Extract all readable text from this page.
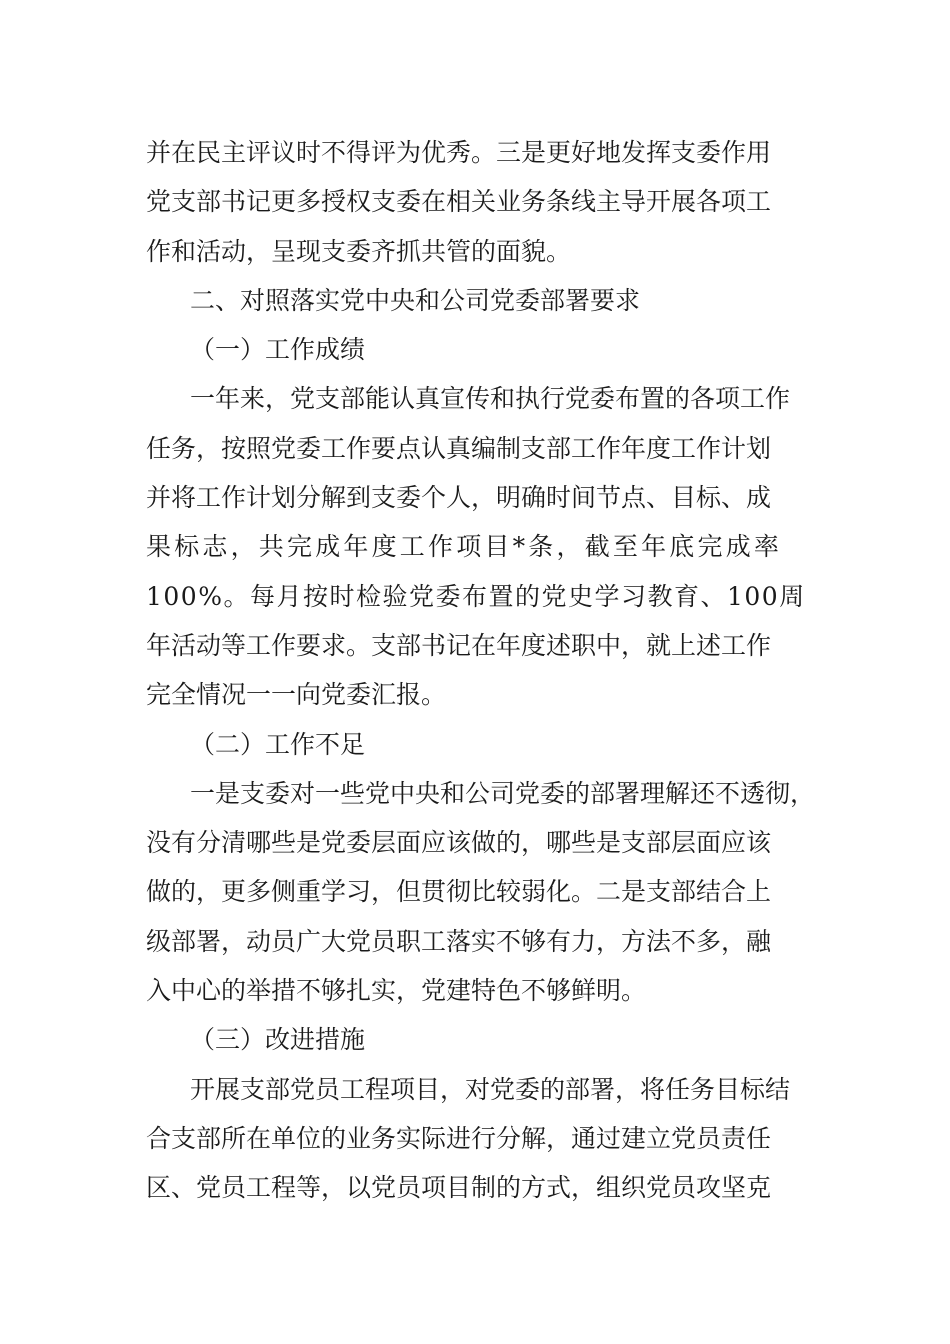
并在民主评议时不得评为优秀。三是更好地发挥支委作用
党支部书记更多授权支委在相关业务条线主导开展各项工
作和活动，呈现支委齐抓共管的面貌。
二、对照落实党中央和公司党委部署要求
（一）工作成绩
一年来，党支部能认真宣传和执行党委布置的各项工作
任务，按照党委工作要点认真编制支部工作年度工作计划
并将工作计划分解到支委个人，明确时间节点、目标、成
果标志，共完成年度工作项目*条，截至年底完成率
100%。每月按时检验党委布置的党史学习教育、100周
年活动等工作要求。支部书记在年度述职中，就上述工作
完全情况一一向党委汇报。
（二）工作不足
一是支委对一些党中央和公司党委的部署理解还不透彻，
没有分清哪些是党委层面应该做的，哪些是支部层面应该
做的，更多侧重学习，但贯彻比较弱化。二是支部结合上
级部署，动员广大党员职工落实不够有力，方法不多，融
入中心的举措不够扎实，党建特色不够鲜明。
（三）改进措施
开展支部党员工程项目，对党委的部署，将任务目标结
合支部所在单位的业务实际进行分解，通过建立党员责任
区、党员工程等，以党员项目制的方式，组织党员攻坚克
